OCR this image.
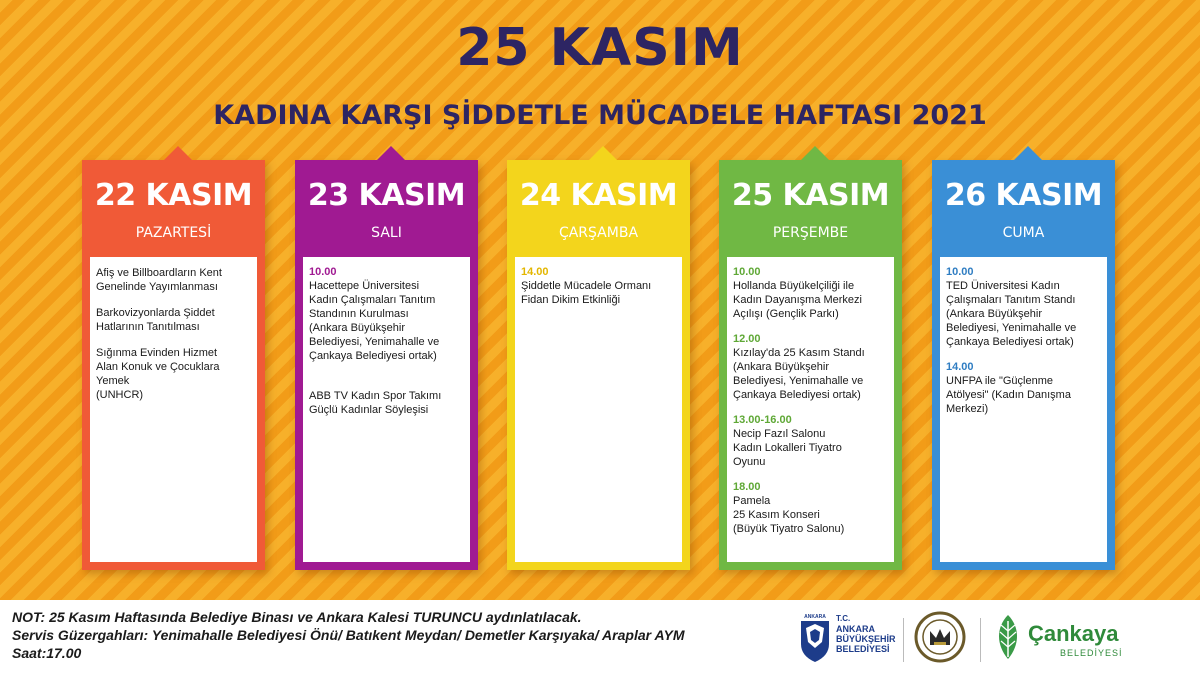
25 KASIM
KADINA KARŞI ŞİDDETLE MÜCADELE HAFTASI 2021
22 KASIM
PAZARTESİ
Afiş ve Billboardların Kent
Genelinde Yayımlanması
Barkovizyonlarda Şiddet
Hatlarının Tanıtılması
Sığınma Evinden Hizmet
Alan Konuk ve Çocuklara
Yemek
(UNHCR)
23 KASIM
SALI
10.00
Hacettepe Üniversitesi
Kadın Çalışmaları Tanıtım
Standının Kurulması
(Ankara Büyükşehir
Belediyesi, Yenimahalle ve
Çankaya Belediyesi ortak)
ABB TV Kadın Spor Takımı
Güçlü Kadınlar Söyleşisi
24 KASIM
ÇARŞAMBA
14.00
Şiddetle Mücadele Ormanı
Fidan Dikim Etkinliği
25 KASIM
PERŞEMBE
10.00
Hollanda Büyükelçiliği ile
Kadın Dayanışma Merkezi
Açılışı (Gençlik Parkı)
12.00
Kızılay'da 25 Kasım Standı
(Ankara Büyükşehir
Belediyesi, Yenimahalle ve
Çankaya Belediyesi ortak)
13.00-16.00
Necip Fazıl Salonu
Kadın Lokalleri Tiyatro
Oyunu
18.00
Pamela
25 Kasım Konseri
(Büyük Tiyatro Salonu)
26 KASIM
CUMA
10.00
TED Üniversitesi Kadın
Çalışmaları Tanıtım Standı
(Ankara Büyükşehir
Belediyesi, Yenimahalle ve
Çankaya Belediyesi ortak)
14.00
UNFPA ile "Güçlenme
Atölyesi" (Kadın Danışma
Merkezi)
NOT: 25 Kasım Haftasında Belediye Binası ve Ankara Kalesi TURUNCU aydınlatılacak.
Servis Güzergahları: Yenimahalle Belediyesi Önü/ Batıkent Meydan/ Demetler Karşıyaka/ Araplar AYM
Saat:17.00
ANKARA T.C.
ANKARA
BÜYÜKŞEHİR
BELEDİYESİ
Çankaya
BELEDİYESİ
